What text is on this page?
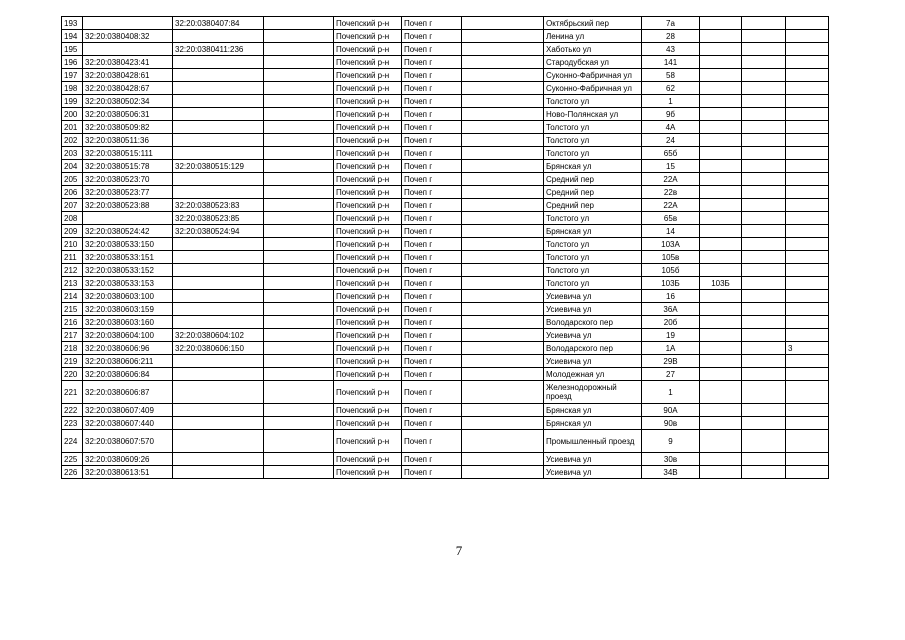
193		32:20:0380407:84		Почепский р-н	Почеп г		Октябрьский пер	7а			
194	32:20:0380408:32			Почепский р-н	Почеп г		Ленина ул	28			
195		32:20:0380411:236		Почепский р-н	Почеп г		Хаботько ул	43			
196	32:20:0380423:41			Почепский р-н	Почеп г		Стародубская ул	141			
197	32:20:0380428:61			Почепский р-н	Почеп г		Суконно-Фабричная ул	58			
198	32:20:0380428:67			Почепский р-н	Почеп г		Суконно-Фабричная ул	62			
199	32:20:0380502:34			Почепский р-н	Почеп г		Толстого ул	1			
200	32:20:0380506:31			Почепский р-н	Почеп г		Ново-Полянская ул	9б			
201	32:20:0380509:82			Почепский р-н	Почеп г		Толстого ул	4А			
202	32:20:0380511:36			Почепский р-н	Почеп г		Толстого ул	24			
203	32:20:0380515:111			Почепский р-н	Почеп г		Толстого ул	65б			
204	32:20:0380515:78	32:20:0380515:129		Почепский р-н	Почеп г		Брянская ул	15			
205	32:20:0380523:70			Почепский р-н	Почеп г		Средний пер	22А			
206	32:20:0380523:77			Почепский р-н	Почеп г		Средний пер	22в			
207	32:20:0380523:88	32:20:0380523:83		Почепский р-н	Почеп г		Средний пер	22А			
208		32:20:0380523:85		Почепский р-н	Почеп г		Толстого ул	65в			
209	32:20:0380524:42	32:20:0380524:94		Почепский р-н	Почеп г		Брянская ул	14			
210	32:20:0380533:150			Почепский р-н	Почеп г		Толстого ул	103А			
211	32:20:0380533:151			Почепский р-н	Почеп г		Толстого ул	105в			
212	32:20:0380533:152			Почепский р-н	Почеп г		Толстого ул	105б			
213	32:20:0380533:153			Почепский р-н	Почеп г		Толстого ул	103Б	103Б		
214	32:20:0380603:100			Почепский р-н	Почеп г		Усиевича ул	16			
215	32:20:0380603:159			Почепский р-н	Почеп г		Усиевича ул	36А			
216	32:20:0380603:160			Почепский р-н	Почеп г		Володарского пер	20б			
217	32:20:0380604:100	32:20:0380604:102		Почепский р-н	Почеп г		Усиевича ул	19			
218	32:20:0380606:96	32:20:0380606:150		Почепский р-н	Почеп г		Володарского пер	1А			3
219	32:20:0380606:211			Почепский р-н	Почеп г		Усиевича ул	29В			
220	32:20:0380606:84			Почепский р-н	Почеп г		Молодежная ул	27			
221	32:20:0380606:87			Почепский р-н	Почеп г		Железнодорожный проезд	1			
222	32:20:0380607:409			Почепский р-н	Почеп г		Брянская ул	90А			
223	32:20:0380607:440			Почепский р-н	Почеп г		Брянская ул	90в			
224	32:20:0380607:570			Почепский р-н	Почеп г		Промышленный проезд	9			
225	32:20:0380609:26			Почепский р-н	Почеп г		Усиевича ул	30в			
226	32:20:0380613:51			Почепский р-н	Почеп г		Усиевича ул	34В			
7
